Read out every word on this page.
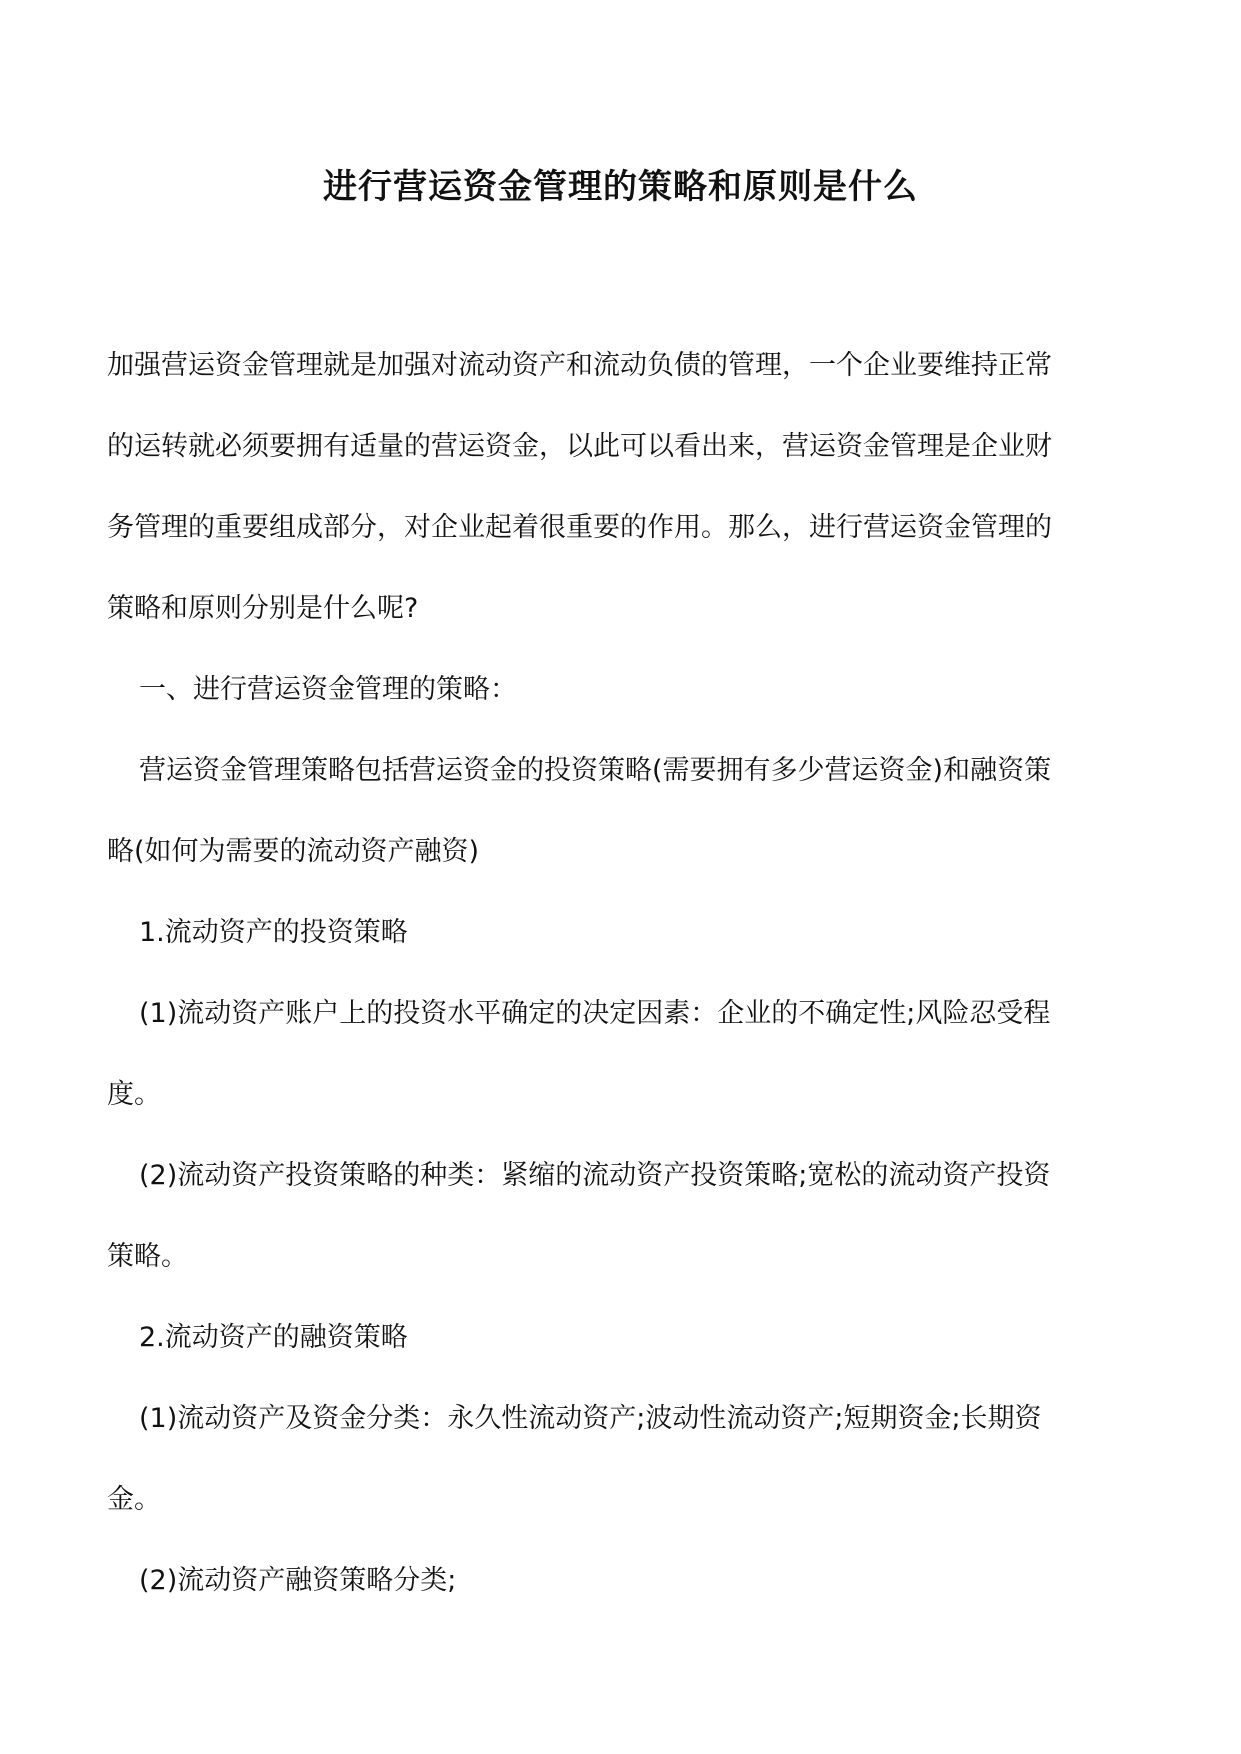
进行营运资金管理的策略和原则是什么

加强营运资金管理就是加强对流动资产和流动负债的管理，一个企业要维持正常

的运转就必须要拥有适量的营运资金，以此可以看出来，营运资金管理是企业财

务管理的重要组成部分，对企业起着很重要的作用。那么，进行营运资金管理的

策略和原则分别是什么呢?

一、进行营运资金管理的策略：

营运资金管理策略包括营运资金的投资策略(需要拥有多少营运资金)和融资策

略(如何为需要的流动资产融资)

1.流动资产的投资策略

(1)流动资产账户上的投资水平确定的决定因素：企业的不确定性;风险忍受程

度。

(2)流动资产投资策略的种类：紧缩的流动资产投资策略;宽松的流动资产投资

策略。

2.流动资产的融资策略

(1)流动资产及资金分类：永久性流动资产;波动性流动资产;短期资金;长期资

金。

(2)流动资产融资策略分类;
